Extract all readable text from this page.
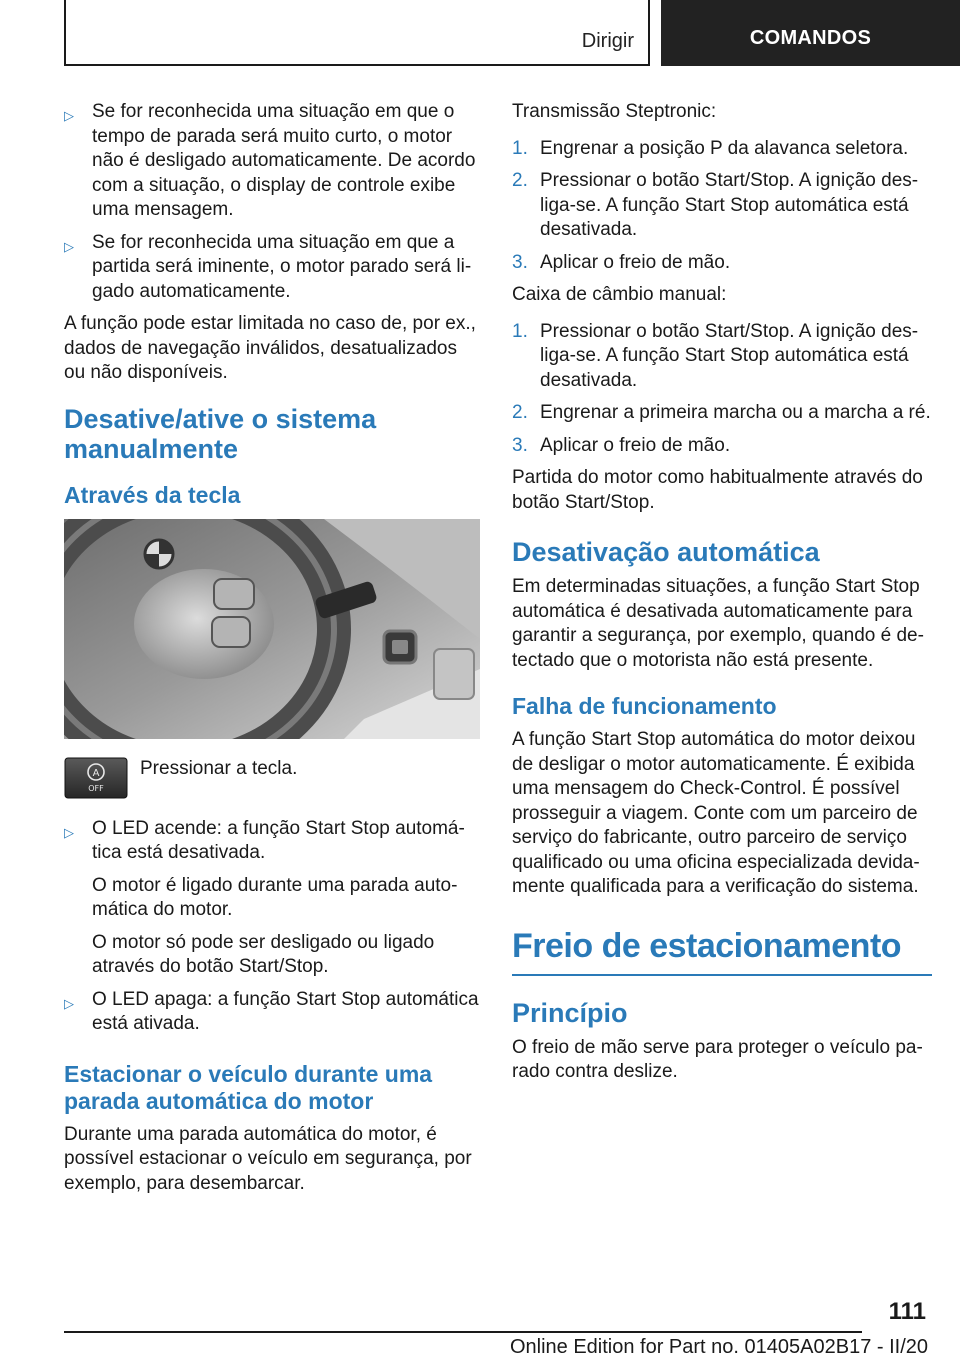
Dirigir	COMANDOS
▷ Se for reconhecida uma situação em que o tempo de parada será muito curto, o motor não é desligado automaticamente. De acordo com a situação, o display de controle exibe uma mensagem.
▷ Se for reconhecida uma situação em que a partida será iminente, o motor parado será ligado automaticamente.

A função pode estar limitada no caso de, por ex., dados de navegação inválidos, desatualizados ou não disponíveis.

Desative/ative o sistema manualmente
Através da tecla
A
OFF
Pressionar a tecla.
▷ O LED acende: a função Start Stop automática está desativada.
O motor é ligado durante uma parada automática do motor.
O motor só pode ser desligado ou ligado através do botão Start/Stop.
▷ O LED apaga: a função Start Stop automática está ativada.
Estacionar o veículo durante uma parada automática do motor

Durante uma parada automática do motor, é possível estacionar o veículo em segurança, por exemplo, para desembarcar.

Transmissão Steptronic:

1. Engrenar a posição P da alavanca seletora.
2. Pressionar o botão Start/Stop. A ignição desliga-se. A função Start Stop automática está desativada.
3. Aplicar o freio de mão.

Caixa de câmbio manual:

1. Pressionar o botão Start/Stop. A ignição desliga-se. A função Start Stop automática está desativada.
2. Engrenar a primeira marcha ou a marcha a ré.
3. Aplicar o freio de mão.

Partida do motor como habitualmente através do botão Start/Stop.

Desativação automática

Em determinadas situações, a função Start Stop automática é desativada automaticamente para garantir a segurança, por exemplo, quando é detectado que o motorista não está presente.

Falha de funcionamento

A função Start Stop automática do motor deixou de desligar o motor automaticamente. É exibida uma mensagem do Check-Control. É possível prosseguir a viagem. Conte com um parceiro de serviço do fabricante, outro parceiro de serviço qualificado ou uma oficina especializada devidamente qualificada para a verificação do sistema.

Freio de estacionamento
Princípio

O freio de mão serve para proteger o veículo parado contra deslize.

111
Online Edition for Part no. 01405A02B17 - II/20
